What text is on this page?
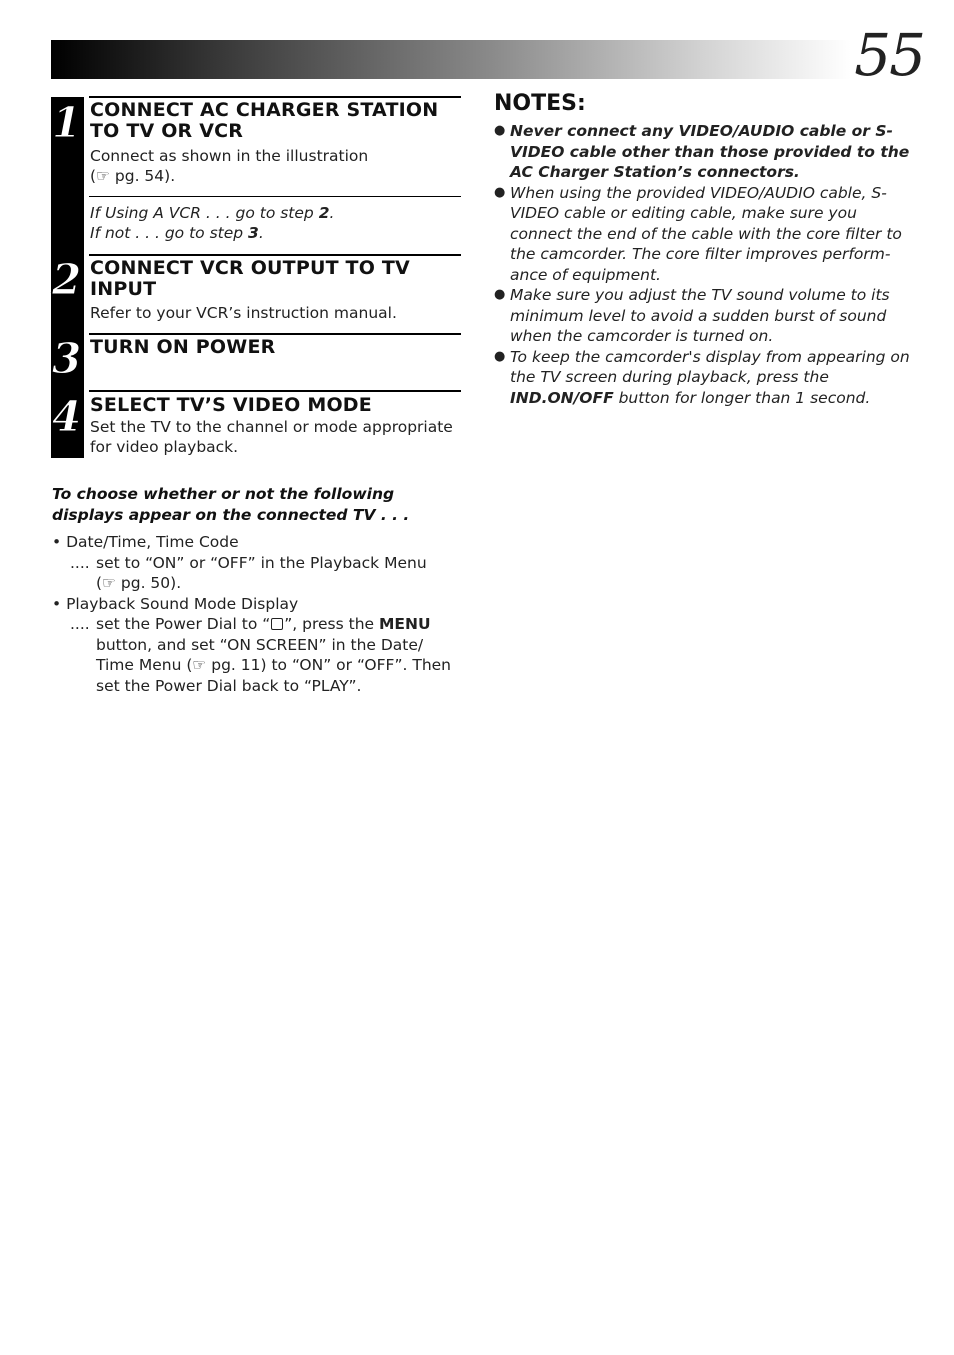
55
1 CONNECT AC CHARGER STATION TO TV OR VCR
Connect as shown in the illustration
(☞ pg. 54).
If Using A VCR . . . go to step 2.
If not . . . go to step 3.
2 CONNECT VCR OUTPUT TO TV INPUT
Refer to your VCR’s instruction manual.
3 TURN ON POWER
4 SELECT TV’S VIDEO MODE
Set the TV to the channel or mode appropriate for video playback.
NOTES:
● Never connect any VIDEO/AUDIO cable or S-VIDEO cable other than those provided to the AC Charger Station’s connectors.
● When using the provided VIDEO/AUDIO cable, S-VIDEO cable or editing cable, make sure you connect the end of the cable with the core filter to the camcorder. The core filter improves perform-ance of equipment.
● Make sure you adjust the TV sound volume to its minimum level to avoid a sudden burst of sound when the camcorder is turned on.
● To keep the camcorder's display from appearing on the TV screen during playback, press the IND.ON/OFF button for longer than 1 second.
To choose whether or not the following displays appear on the connected TV . . .
• Date/Time, Time Code
.... set to “ON” or “OFF” in the Playback Menu
(☞ pg. 50).
• Playback Sound Mode Display
.... set the Power Dial to “ ”, press the MENU button, and set “ON SCREEN” in the Date/ Time Menu (☞ pg. 11) to “ON” or “OFF”. Then set the Power Dial back to “PLAY”.
